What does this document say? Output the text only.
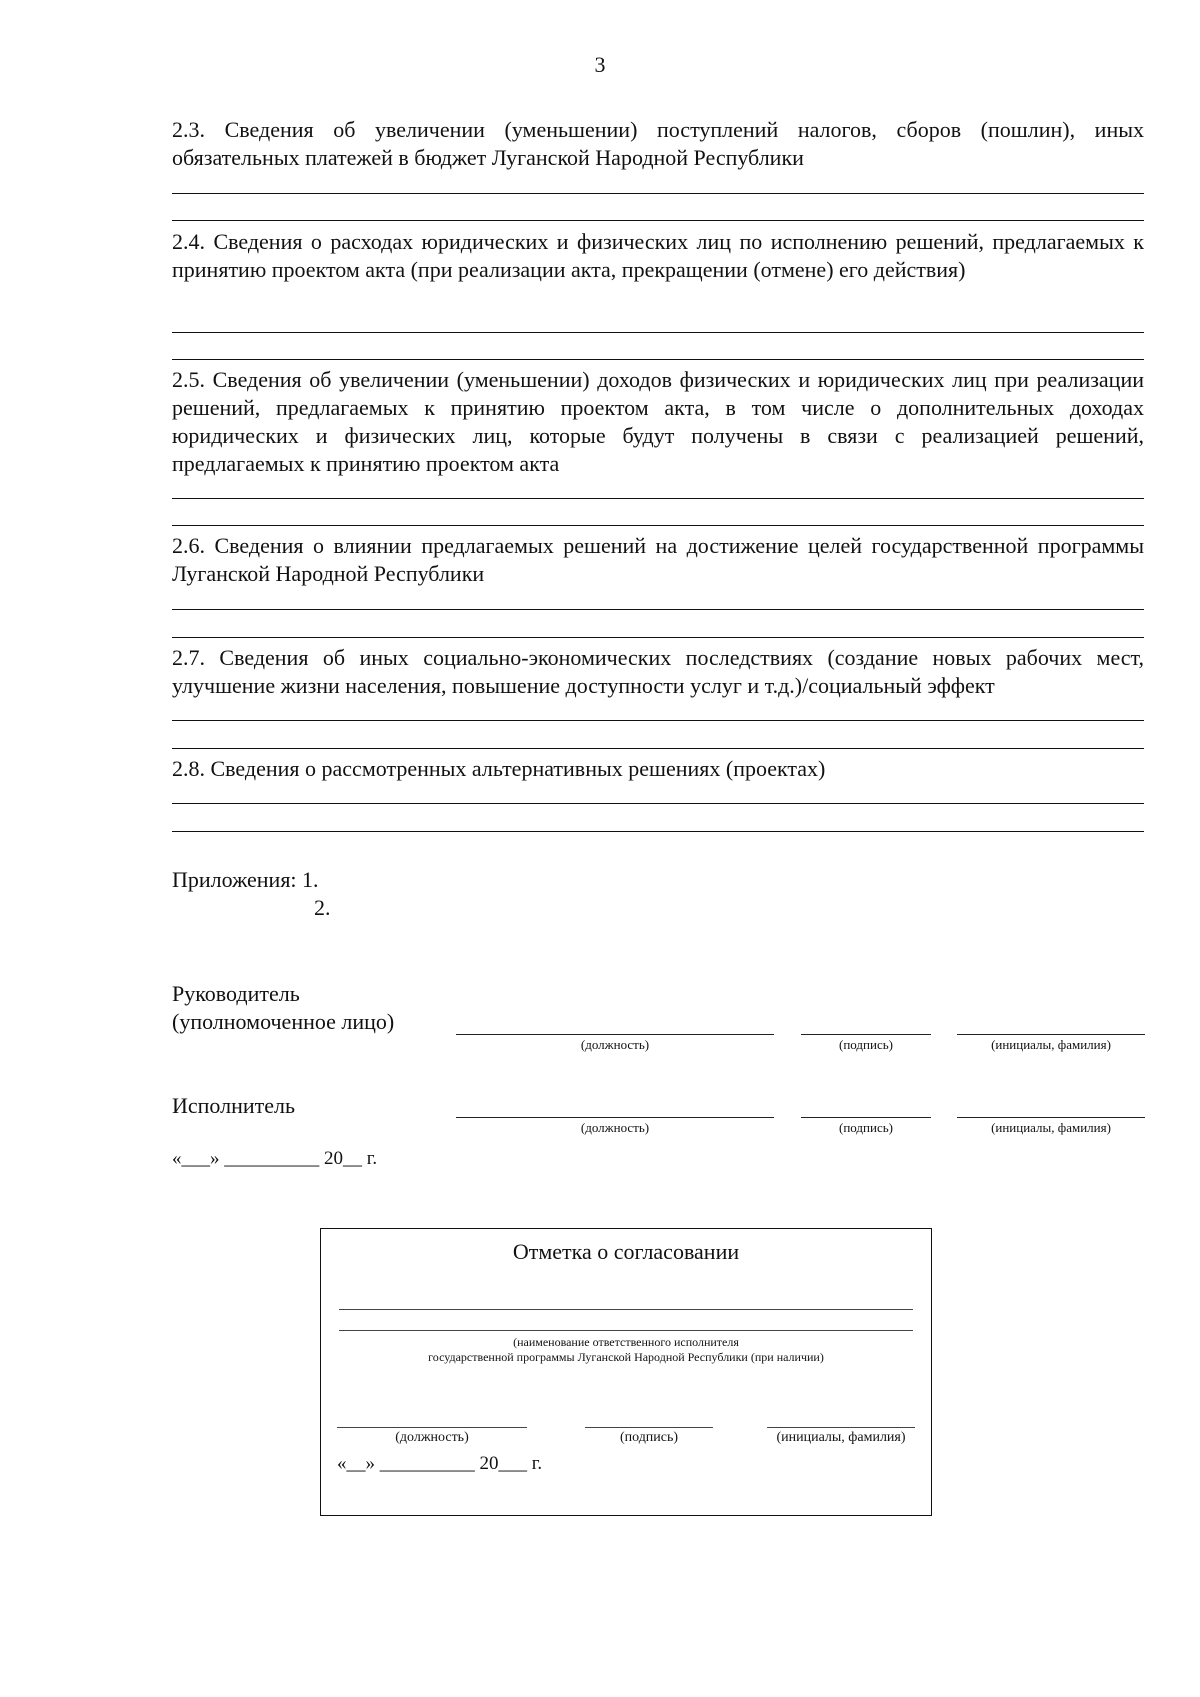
3
2.3. Сведения об увеличении (уменьшении) поступлений налогов, сборов (пошлин), иных обязательных платежей в бюджет Луганской Народной Республики
2.4. Сведения о расходах юридических и физических лиц по исполнению решений, предлагаемых к принятию проектом акта (при реализации акта, прекращении (отмене) его действия)
2.5. Сведения об увеличении (уменьшении) доходов физических и юридических лиц при реализации решений, предлагаемых к принятию проектом акта, в том числе о дополнительных доходах юридических и физических лиц, которые будут получены в связи с реализацией решений, предлагаемых к принятию проектом акта
2.6. Сведения о влиянии предлагаемых решений на достижение целей государственной программы Луганской Народной Республики
2.7. Сведения об иных социально-экономических последствиях (создание новых рабочих мест, улучшение жизни населения, повышение доступности услуг и т.д.)/социальный эффект
2.8. Сведения о рассмотренных альтернативных решениях (проектах)
Приложения: 1.
2.
Руководитель
(уполномоченное лицо)
(должность)	(подпись)	(инициалы, фамилия)
Исполнитель
(должность)	(подпись)	(инициалы, фамилия)
«___» __________ 20__ г.
Отметка о согласовании
(наименование ответственного исполнителя
государственной программы Луганской Народной Республики (при наличии)
(должность)	(подпись)	(инициалы, фамилия)
«__» __________ 20___ г.
